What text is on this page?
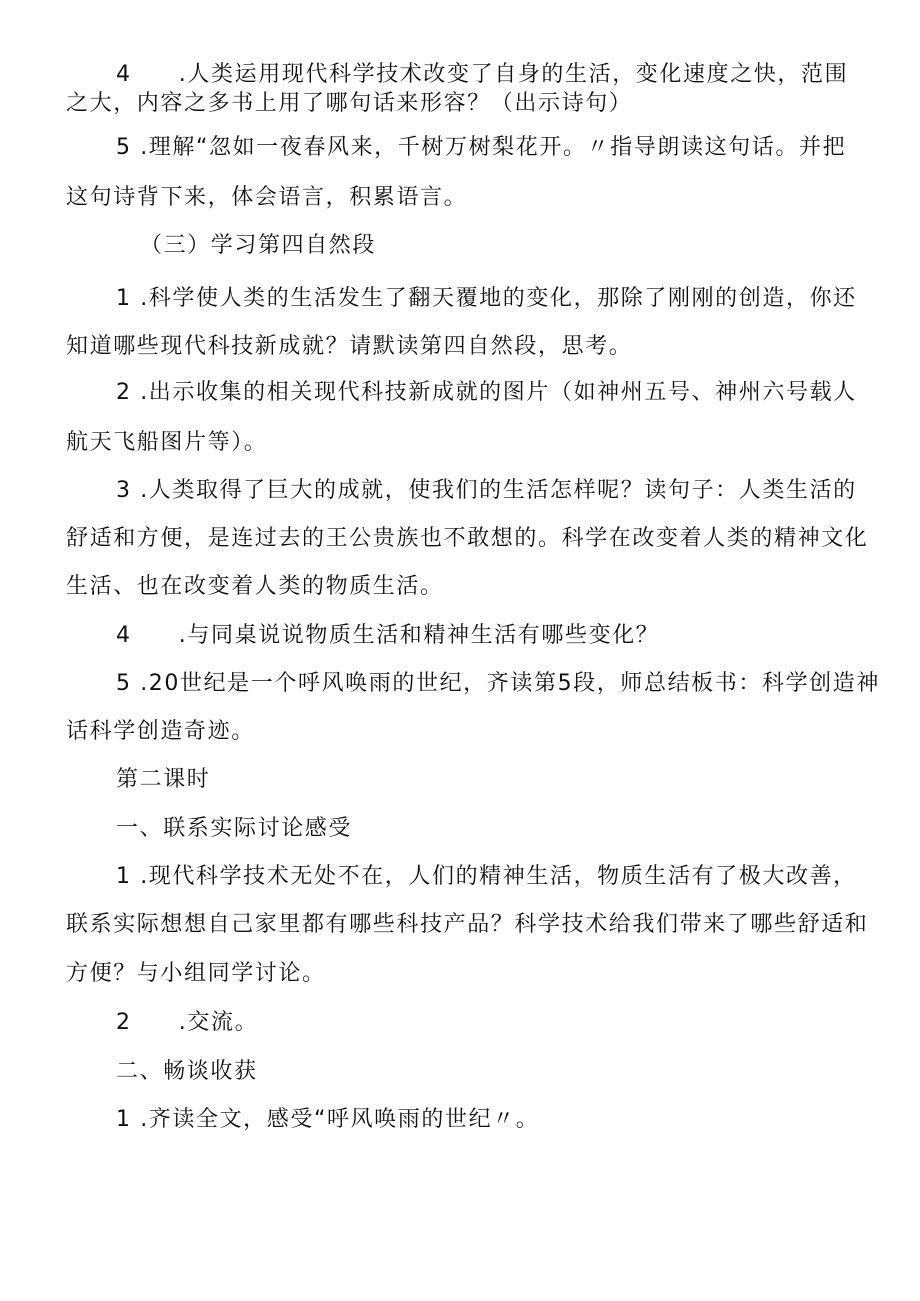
4　　.人类运用现代科学技术改变了自身的生活，变化速度之快，范围
之大，内容之多书上用了哪句话来形容？（出示诗句）
5 .理解“忽如一夜春风来，千树万树梨花开。〃指导朗读这句话。并把
这句诗背下来，体会语言，积累语言。
（三）学习第四自然段
1 .科学使人类的生活发生了翻天覆地的变化，那除了刚刚的创造，你还
知道哪些现代科技新成就？请默读第四自然段，思考。
2 .出示收集的相关现代科技新成就的图片（如神州五号、神州六号载人
航天飞船图片等）。
3 .人类取得了巨大的成就，使我们的生活怎样呢？读句子：人类生活的
舒适和方便，是连过去的王公贵族也不敢想的。科学在改变着人类的精神文化
生活、也在改变着人类的物质生活。
4　　.与同桌说说物质生活和精神生活有哪些变化？
5 .20世纪是一个呼风唤雨的世纪，齐读第5段，师总结板书：科学创造神
话科学创造奇迹。
第二课时
一、联系实际讨论感受
1 .现代科学技术无处不在，人们的精神生活，物质生活有了极大改善，
联系实际想想自己家里都有哪些科技产品？科学技术给我们带来了哪些舒适和
方便？与小组同学讨论。
2　　.交流。
二、畅谈收获
1 .齐读全文，感受“呼风唤雨的世纪〃。
